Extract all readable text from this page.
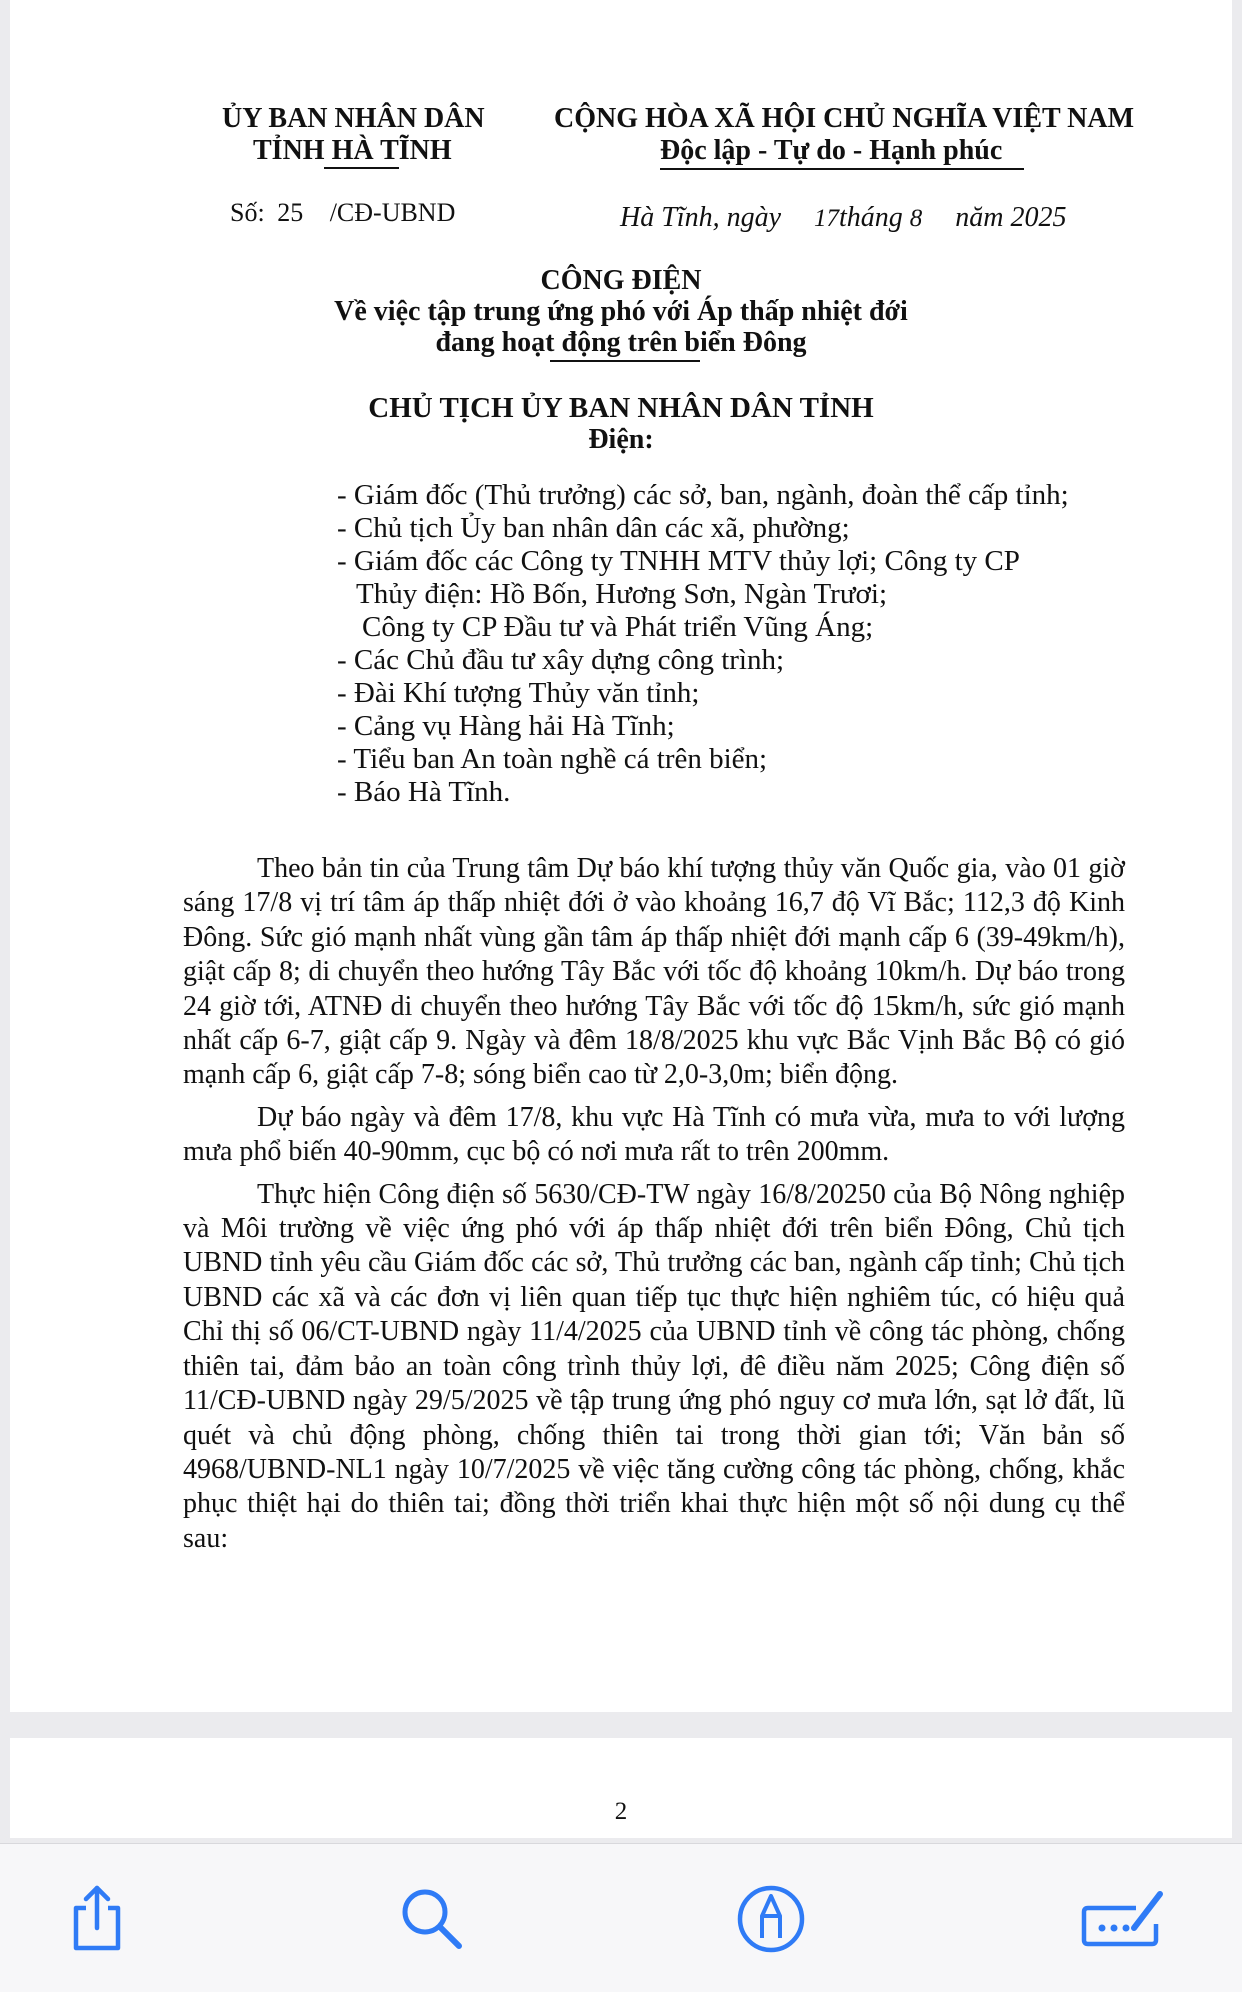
ỦY BAN NHÂN DÂN
TỈNH HÀ TĨNH
CỘNG HÒA XÃ HỘI CHỦ NGHĨA VIỆT NAM
Độc lập - Tự do - Hạnh phúc
Số: 25 /CĐ-UBND	Hà Tĩnh, ngày 17tháng 8 năm 2025
CÔNG ĐIỆN
Về việc tập trung ứng phó với Áp thấp nhiệt đới
đang hoạt động trên biển Đông
CHỦ TỊCH ỦY BAN NHÂN DÂN TỈNH
Điện:
- Giám đốc (Thủ trưởng) các sở, ban, ngành, đoàn thể cấp tỉnh;
- Chủ tịch Ủy ban nhân dân các xã, phường;
- Giám đốc các Công ty TNHH MTV thủy lợi; Công ty CP
Thủy điện: Hồ Bốn, Hương Sơn, Ngàn Trươi;
Công ty CP Đầu tư và Phát triển Vũng Áng;
- Các Chủ đầu tư xây dựng công trình;
- Đài Khí tượng Thủy văn tỉnh;
- Cảng vụ Hàng hải Hà Tĩnh;
- Tiểu ban An toàn nghề cá trên biển;
- Báo Hà Tĩnh.

Theo bản tin của Trung tâm Dự báo khí tượng thủy văn Quốc gia, vào 01 giờ sáng 17/8 vị trí tâm áp thấp nhiệt đới ở vào khoảng 16,7 độ Vĩ Bắc; 112,3 độ Kinh Đông. Sức gió mạnh nhất vùng gần tâm áp thấp nhiệt đới mạnh cấp 6 (39-49km/h), giật cấp 8; di chuyển theo hướng Tây Bắc với tốc độ khoảng 10km/h. Dự báo trong 24 giờ tới, ATNĐ di chuyển theo hướng Tây Bắc với tốc độ 15km/h, sức gió mạnh nhất cấp 6-7, giật cấp 9. Ngày và đêm 18/8/2025 khu vực Bắc Vịnh Bắc Bộ có gió mạnh cấp 6, giật cấp 7-8; sóng biển cao từ 2,0-3,0m; biển động.

Dự báo ngày và đêm 17/8, khu vực Hà Tĩnh có mưa vừa, mưa to với lượng mưa phổ biến 40-90mm, cục bộ có nơi mưa rất to trên 200mm.

Thực hiện Công điện số 5630/CĐ-TW ngày 16/8/20250 của Bộ Nông nghiệp và Môi trường về việc ứng phó với áp thấp nhiệt đới trên biển Đông, Chủ tịch UBND tỉnh yêu cầu Giám đốc các sở, Thủ trưởng các ban, ngành cấp tỉnh; Chủ tịch UBND các xã và các đơn vị liên quan tiếp tục thực hiện nghiêm túc, có hiệu quả Chỉ thị số 06/CT-UBND ngày 11/4/2025 của UBND tỉnh về công tác phòng, chống thiên tai, đảm bảo an toàn công trình thủy lợi, đê điều năm 2025; Công điện số 11/CĐ-UBND ngày 29/5/2025 về tập trung ứng phó nguy cơ mưa lớn, sạt lở đất, lũ quét và chủ động phòng, chống thiên tai trong thời gian tới; Văn bản số 4968/UBND-NL1 ngày 10/7/2025 về việc tăng cường công tác phòng, chống, khắc phục thiệt hại do thiên tai; đồng thời triển khai thực hiện một số nội dung cụ thể sau:

2
